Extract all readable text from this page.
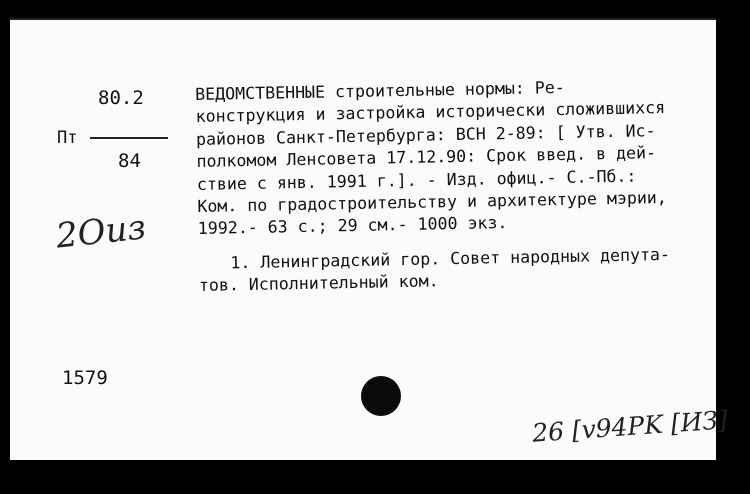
80.2
Пт
84
2Оиз
ВЕДОМСТВЕННЫЕ строительные нормы: Ре-
конструкция и застройка исторически сложившихся
районов Санкт-Петербурга: ВСН 2-89: [ Утв. Ис-
полкомом Ленсовета 17.12.90: Срок введ. в дей-
ствие с янв. 1991 г.]. - Изд. офиц.- С.-Пб.:
Ком. по градостроительству и архитектуре мэрии,
1992.- 63 с.; 29 см.- 1000 экз.
1. Ленинградский гор. Совет народных депута-
тов. Исполнительный ком.
1579
26 [v94PK [ИЗ]
